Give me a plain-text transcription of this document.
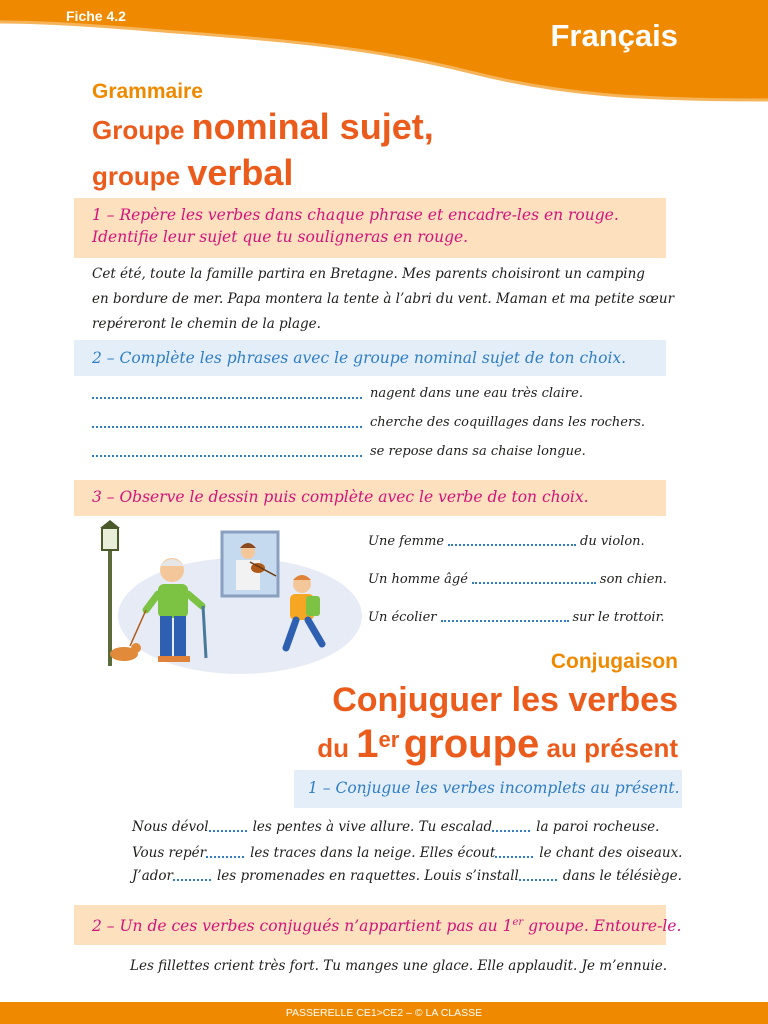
Fiche 4.2
Français
Grammaire
Groupe nominal sujet,
groupe verbal
1 – Repère les verbes dans chaque phrase et encadre-les en rouge.
Identifie leur sujet que tu souligneras en rouge.
Cet été, toute la famille partira en Bretagne. Mes parents choisiront un camping
en bordure de mer. Papa montera la tente à l’abri du vent. Maman et ma petite sœur
repéreront le chemin de la plage.
2 – Complète les phrases avec le groupe nominal sujet de ton choix.
nagent dans une eau très claire.
cherche des coquillages dans les rochers.
se repose dans sa chaise longue.
3 – Observe le dessin puis complète avec le verbe de ton choix.
Une femme	du violon.
Un homme âgé	son chien.
Un écolier	sur le trottoir.
Conjugaison
Conjuguer les verbes
du 1er groupe au présent
1 – Conjugue les verbes incomplets au présent.
Nous dévol	les pentes à vive allure. Tu escalad	la paroi rocheuse.
Vous repér	les traces dans la neige. Elles écout	le chant des oiseaux.
J’ador	les promenades en raquettes. Louis s’install	dans le télésiège.
2 – Un de ces verbes conjugués n’appartient pas au 1er groupe. Entoure-le.
Les fillettes crient très fort. Tu manges une glace. Elle applaudit. Je m’ennuie.
PASSERELLE CE1>CE2 – © LA CLASSE
